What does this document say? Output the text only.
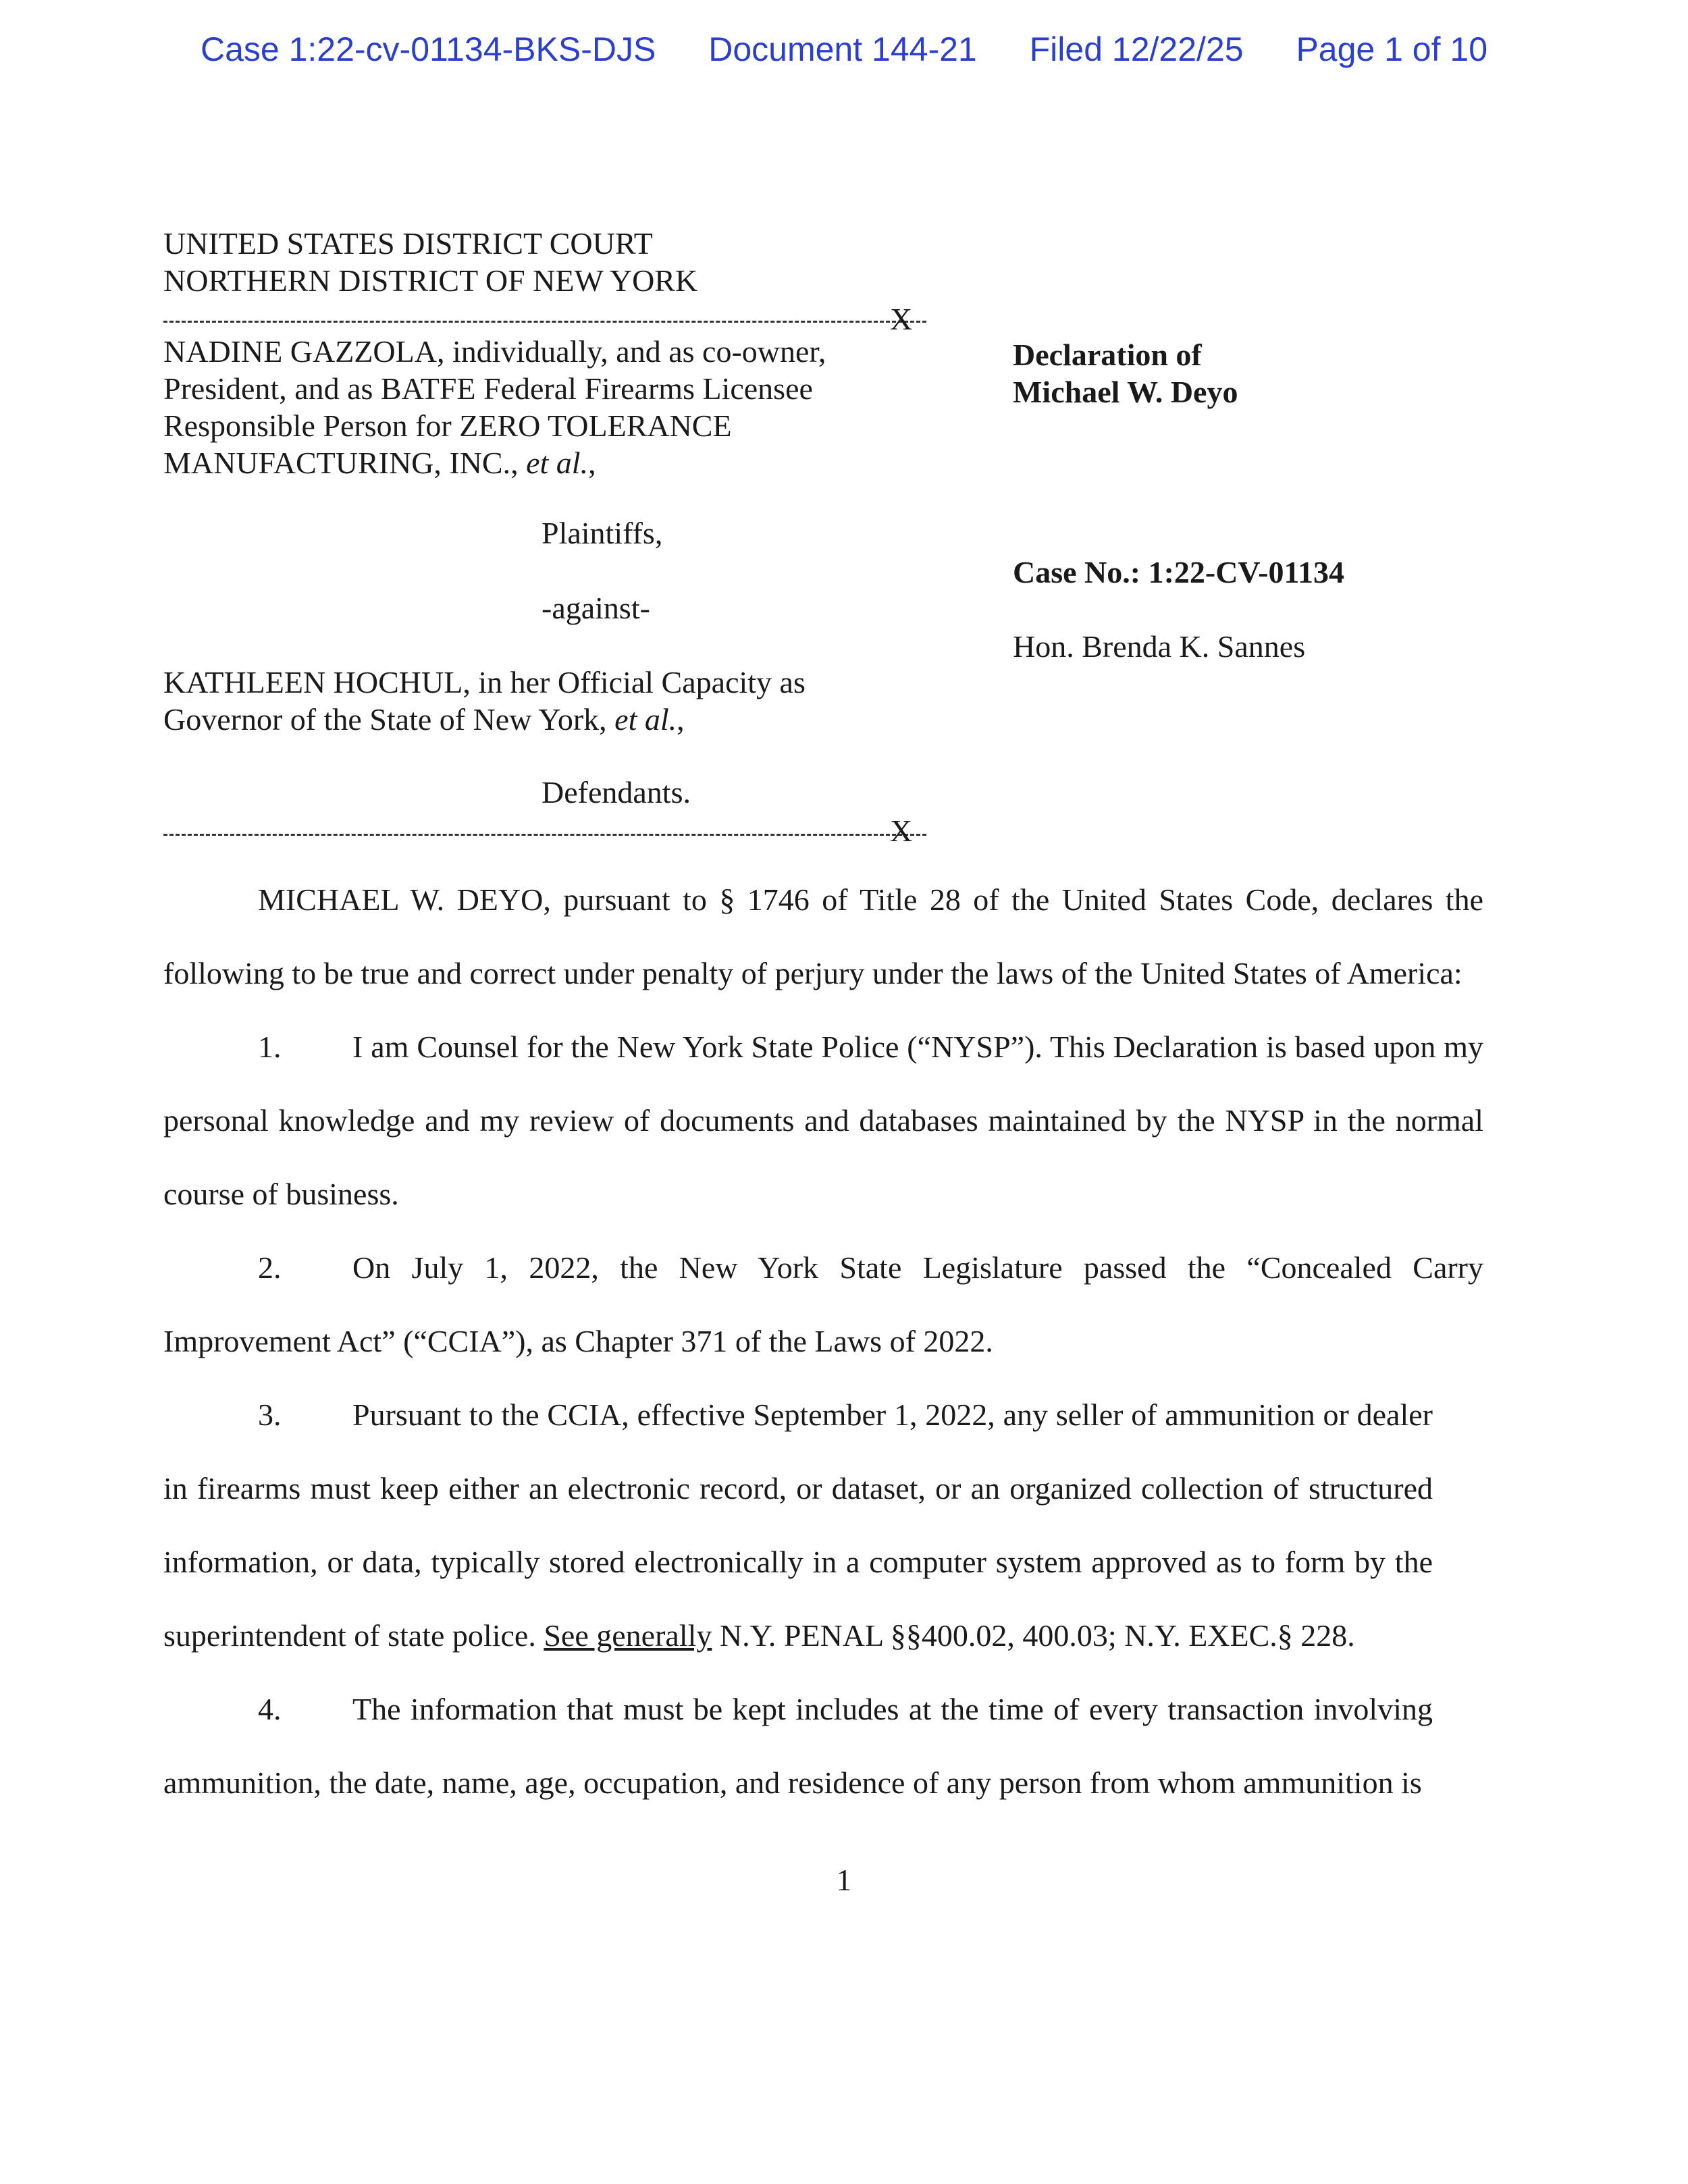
Case 1:22-cv-01134-BKS-DJS Document 144-21 Filed 12/22/25 Page 1 of 10
UNITED STATES DISTRICT COURT
NORTHERN DISTRICT OF NEW YORK
X
NADINE GAZZOLA, individually, and as co-owner,
President, and as BATFE Federal Firearms Licensee
Responsible Person for ZERO TOLERANCE
MANUFACTURING, INC., et al.,
Plaintiffs,
-against-
KATHLEEN HOCHUL, in her Official Capacity as
Governor of the State of New York, et al.,
Defendants.
X
Declaration of
Michael W. Deyo
Case No.: 1:22-CV-01134
Hon. Brenda K. Sannes

MICHAEL W. DEYO, pursuant to § 1746 of Title 28 of the United States Code, declares the following to be true and correct under penalty of perjury under the laws of the United States of America:

1. I am Counsel for the New York State Police (“NYSP”). This Declaration is based upon my personal knowledge and my review of documents and databases maintained by the NYSP in the normal course of business.

2. On July 1, 2022, the New York State Legislature passed the “Concealed Carry Improvement Act” (“CCIA”), as Chapter 371 of the Laws of 2022.

3. Pursuant to the CCIA, effective September 1, 2022, any seller of ammunition or dealer in firearms must keep either an electronic record, or dataset, or an organized collection of structured information, or data, typically stored electronically in a computer system approved as to form by the superintendent of state police. See generally N.Y. PENAL §§400.02, 400.03; N.Y. EXEC.§ 228.

4. The information that must be kept includes at the time of every transaction involving ammunition, the date, name, age, occupation, and residence of any person from whom ammunition is

1
